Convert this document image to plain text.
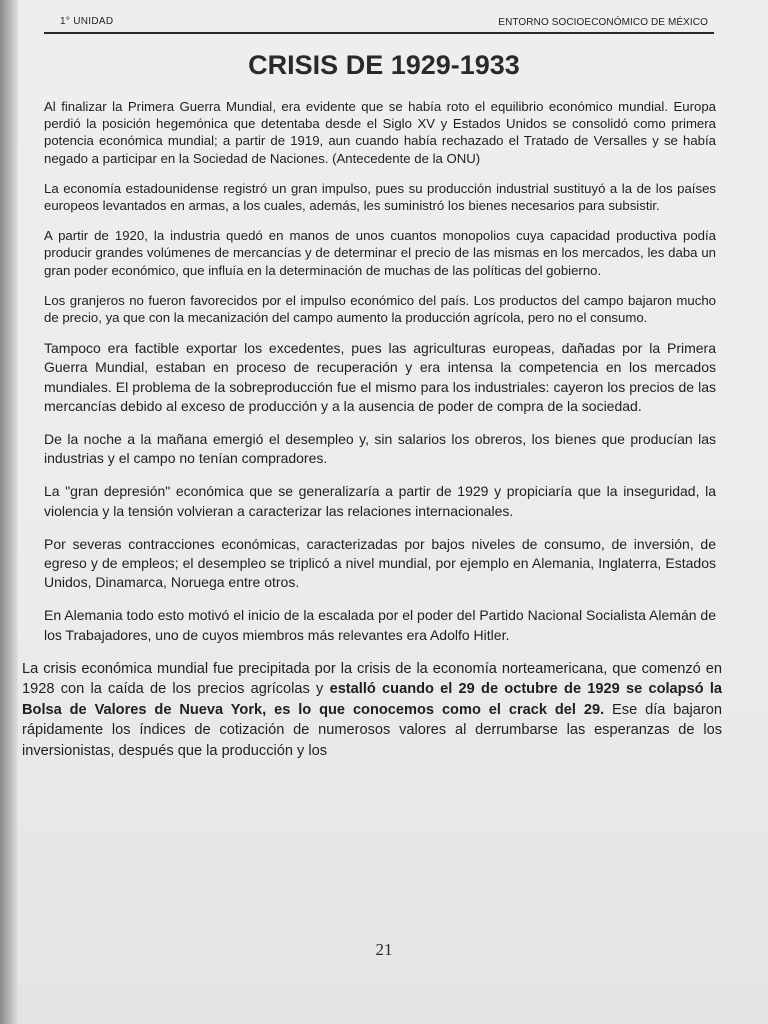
1° UNIDAD	ENTORNO SOCIOECONÓMICO DE MÉXICO
CRISIS DE 1929-1933

Al finalizar la Primera Guerra Mundial, era evidente que se había roto el equilibrio económico mundial. Europa perdió la posición hegemónica que detentaba desde el Siglo XV y Estados Unidos se consolidó como primera potencia económica mundial; a partir de 1919, aun cuando había rechazado el Tratado de Versalles y se había negado a participar en la Sociedad de Naciones. (Antecedente de la ONU)

La economía estadounidense registró un gran impulso, pues su producción industrial sustituyó a la de los países europeos levantados en armas, a los cuales, además, les suministró los bienes necesarios para subsistir.

A partir de 1920, la industria quedó en manos de unos cuantos monopolios cuya capacidad productiva podía producir grandes volúmenes de mercancías y de determinar el precio de las mismas en los mercados, les daba un gran poder económico, que influía en la determinación de muchas de las políticas del gobierno.

Los granjeros no fueron favorecidos por el impulso económico del país. Los productos del campo bajaron mucho de precio, ya que con la mecanización del campo aumento la producción agrícola, pero no el consumo.

Tampoco era factible exportar los excedentes, pues las agriculturas europeas, dañadas por la Primera Guerra Mundial, estaban en proceso de recuperación y era intensa la competencia en los mercados mundiales. El problema de la sobreproducción fue el mismo para los industriales: cayeron los precios de las mercancías debido al exceso de producción y a la ausencia de poder de compra de la sociedad.

De la noche a la mañana emergió el desempleo y, sin salarios los obreros, los bienes que producían las industrias y el campo no tenían compradores.

La "gran depresión" económica que se generalizaría a partir de 1929 y propiciaría que la inseguridad, la violencia y la tensión volvieran a caracterizar las relaciones internacionales.

Por severas contracciones económicas, caracterizadas por bajos niveles de consumo, de inversión, de egreso y de empleos; el desempleo se triplicó a nivel mundial, por ejemplo en Alemania, Inglaterra, Estados Unidos, Dinamarca, Noruega entre otros.

En Alemania todo esto motivó el inicio de la escalada por el poder del Partido Nacional Socialista Alemán de los Trabajadores, uno de cuyos miembros más relevantes era Adolfo Hitler.

La crisis económica mundial fue precipitada por la crisis de la economía norteamericana, que comenzó en 1928 con la caída de los precios agrícolas y estalló cuando el 29 de octubre de 1929 se colapsó la Bolsa de Valores de Nueva York, es lo que conocemos como el crack del 29. Ese día bajaron rápidamente los índices de cotización de numerosos valores al derrumbarse las esperanzas de los inversionistas, después que la producción y los

21
